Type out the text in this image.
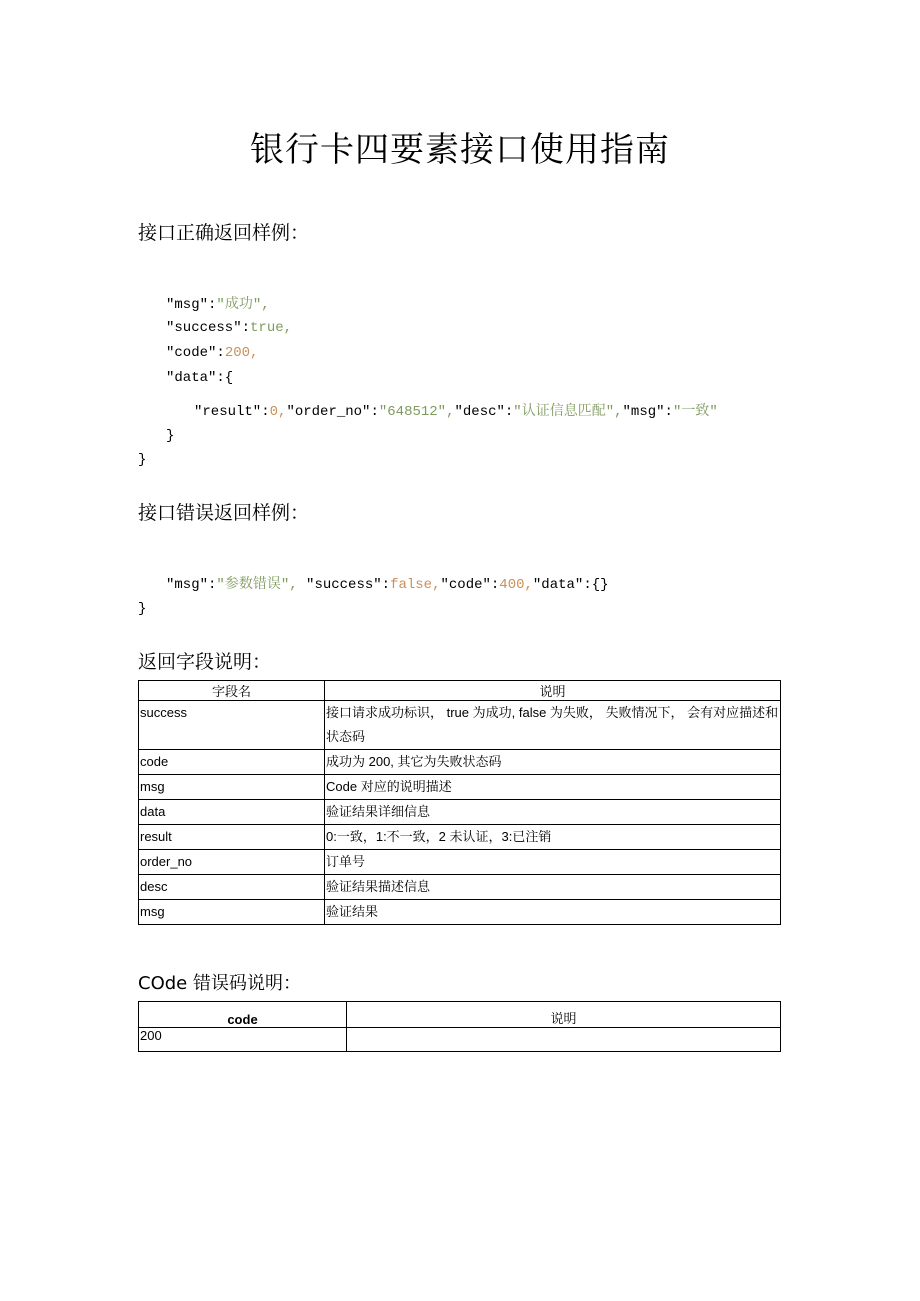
银行卡四要素接口使用指南
接口正确返回样例：
"msg":"成功",
"success":true,
"code":200,
"data":{
"result":0,"order_no":"648512","desc":"认证信息匹配","msg":"一致"
}
}
接口错误返回样例：
"msg":"参数错误", "success":false,"code":400,"data":{}
}
返回字段说明：
字段名	说明
success	接口请求成功标识， true 为成功, false 为失败， 失败情况下， 会有对应描述和状态码
code	成功为 200, 其它为失败状态码
msg	Code 对应的说明描述
data	验证结果详细信息
result	0:一致，1:不一致，2 未认证，3:已注销
order_no	订单号
desc	验证结果描述信息
msg	验证结果
COde 错误码说明：
code	说明
200	
